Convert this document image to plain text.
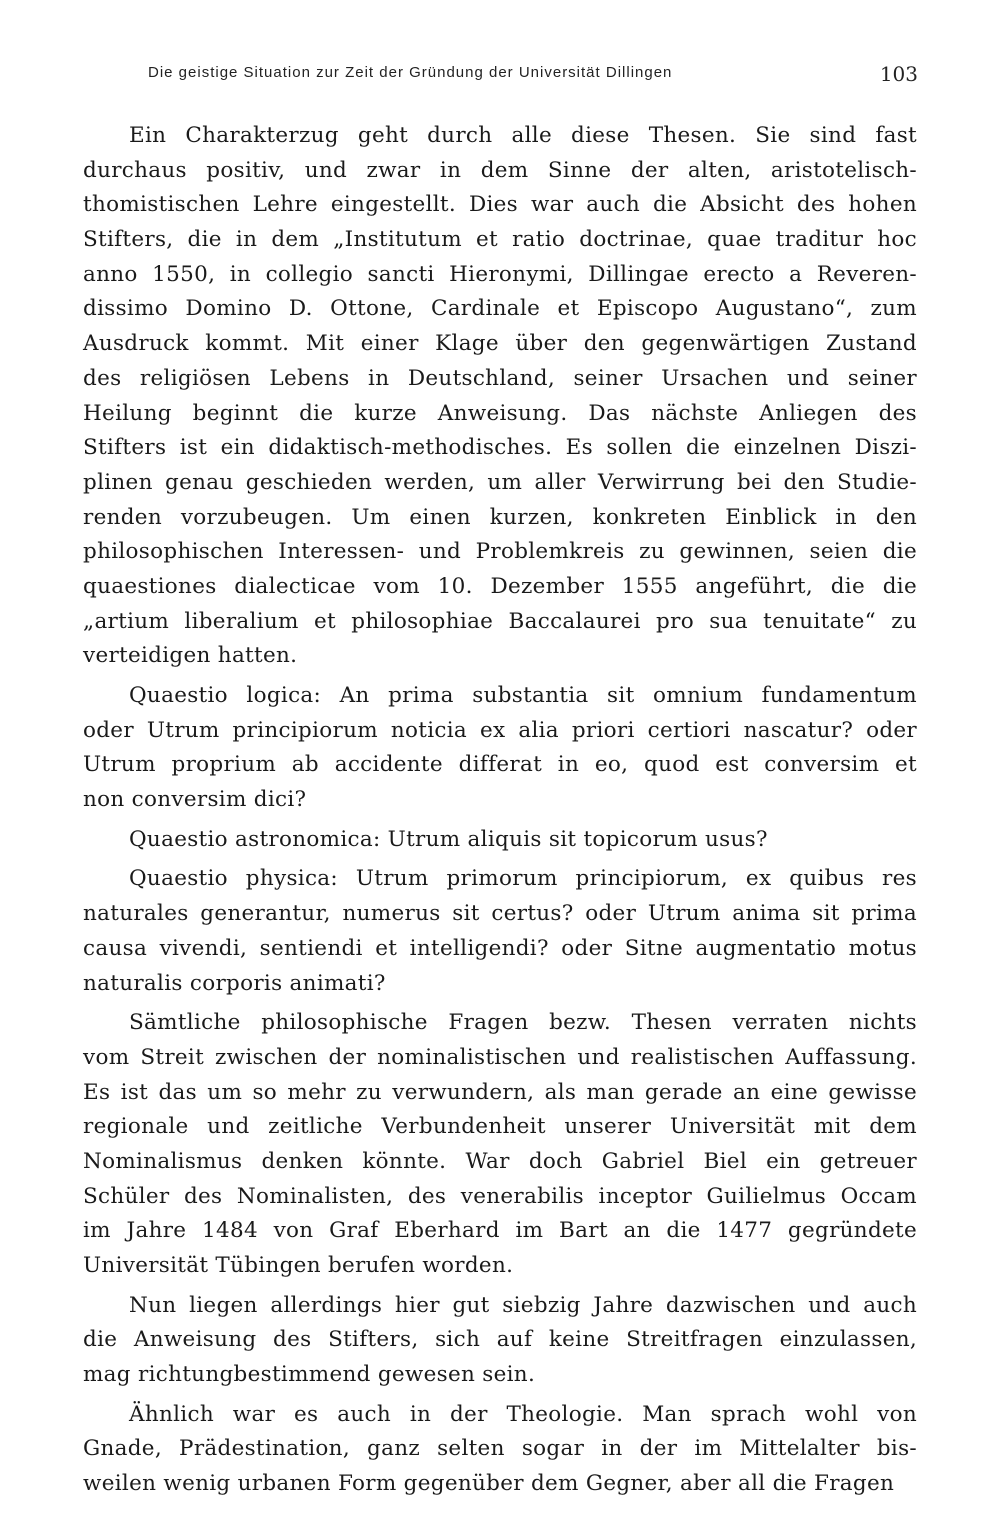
Die geistige Situation zur Zeit der Gründung der Universität Dillingen	103
Ein Charakterzug geht durch alle diese Thesen. Sie sind fast
durchaus positiv, und zwar in dem Sinne der alten, aristotelisch-
thomistischen Lehre eingestellt. Dies war auch die Absicht des hohen
Stifters, die in dem „Institutum et ratio doctrinae, quae traditur hoc
anno 1550, in collegio sancti Hieronymi, Dillingae erecto a Reveren-
dissimo Domino D. Ottone, Cardinale et Episcopo Augustano“, zum
Ausdruck kommt. Mit einer Klage über den gegenwärtigen Zustand
des religiösen Lebens in Deutschland, seiner Ursachen und seiner
Heilung beginnt die kurze Anweisung. Das nächste Anliegen des
Stifters ist ein didaktisch-methodisches. Es sollen die einzelnen Diszi-
plinen genau geschieden werden, um aller Verwirrung bei den Studie-
renden vorzubeugen. Um einen kurzen, konkreten Einblick in den
philosophischen Interessen- und Problemkreis zu gewinnen, seien die
quaestiones dialecticae vom 10. Dezember 1555 angeführt, die die
„artium liberalium et philosophiae Baccalaurei pro sua tenuitate“ zu
verteidigen hatten.
Quaestio logica: An prima substantia sit omnium fundamentum
oder Utrum principiorum noticia ex alia priori certiori nascatur? oder
Utrum proprium ab accidente differat in eo, quod est conversim et
non conversim dici?
Quaestio astronomica: Utrum aliquis sit topicorum usus?
Quaestio physica: Utrum primorum principiorum, ex quibus res
naturales generantur, numerus sit certus? oder Utrum anima sit prima
causa vivendi, sentiendi et intelligendi? oder Sitne augmentatio motus
naturalis corporis animati?
Sämtliche philosophische Fragen bezw. Thesen verraten nichts
vom Streit zwischen der nominalistischen und realistischen Auffassung.
Es ist das um so mehr zu verwundern, als man gerade an eine gewisse
regionale und zeitliche Verbundenheit unserer Universität mit dem
Nominalismus denken könnte. War doch Gabriel Biel ein getreuer
Schüler des Nominalisten, des venerabilis inceptor Guilielmus Occam
im Jahre 1484 von Graf Eberhard im Bart an die 1477 gegründete
Universität Tübingen berufen worden.
Nun liegen allerdings hier gut siebzig Jahre dazwischen und auch
die Anweisung des Stifters, sich auf keine Streitfragen einzulassen,
mag richtungbestimmend gewesen sein.
Ähnlich war es auch in der Theologie. Man sprach wohl von
Gnade, Prädestination, ganz selten sogar in der im Mittelalter bis-
weilen wenig urbanen Form gegenüber dem Gegner, aber all die Fragen
